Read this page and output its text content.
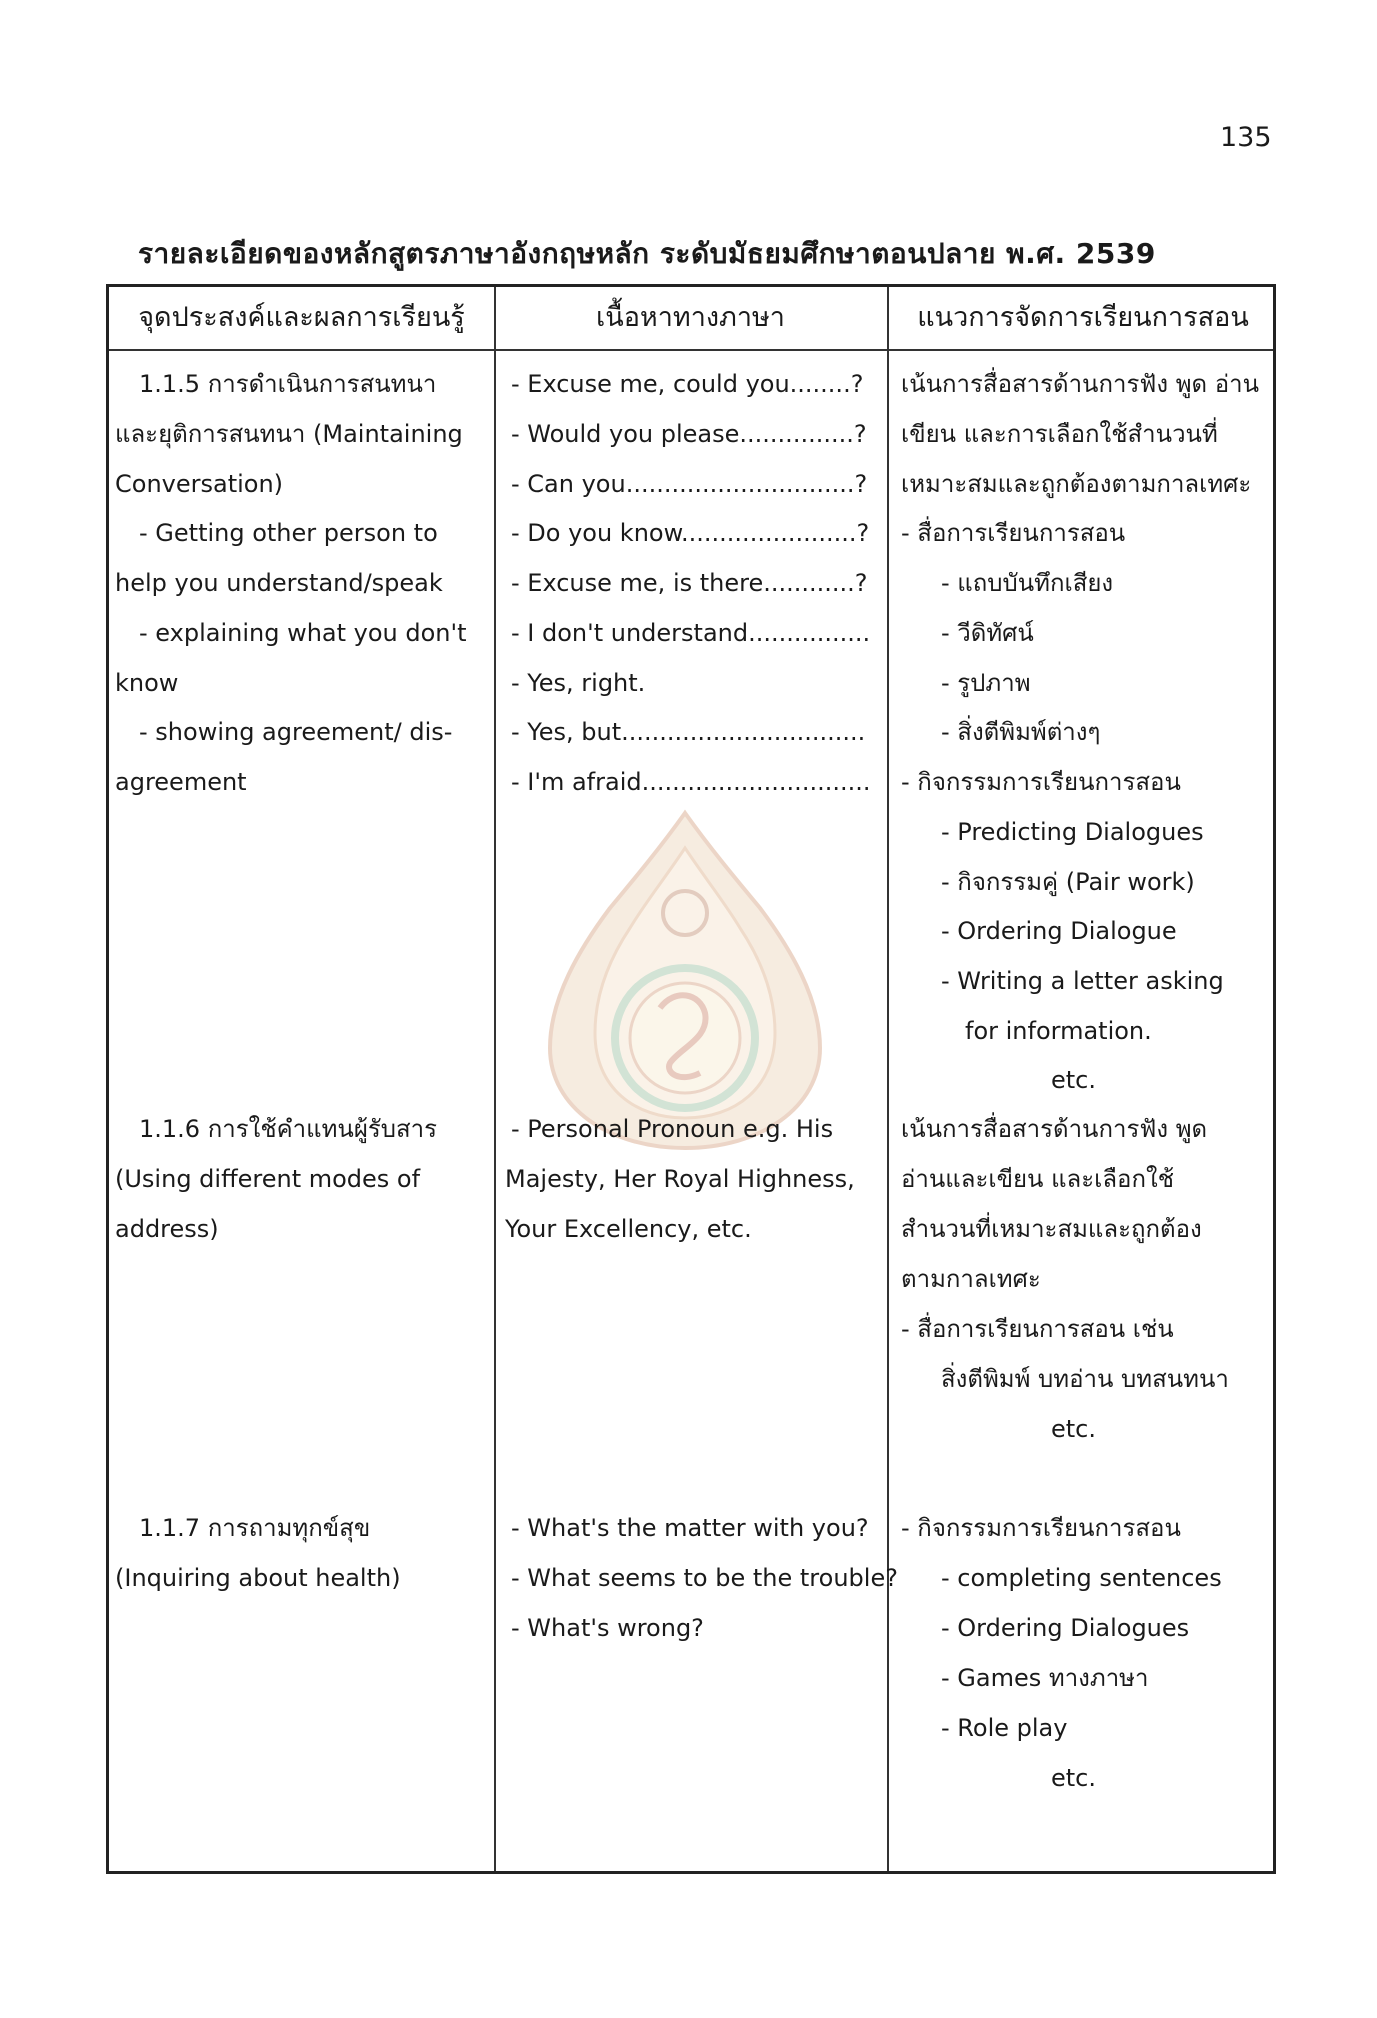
135
รายละเอียดของหลักสูตรภาษาอังกฤษหลัก ระดับมัธยมศึกษาตอนปลาย พ.ศ. 2539
จุดประสงค์และผลการเรียนรู้	เนื้อหาทางภาษา	แนวการจัดการเรียนการสอน
1.1.5 การดำเนินการสนทนา
และยุติการสนทนา (Maintaining
Conversation)
- Getting other person to
help you understand/speak
- explaining what you don't
know
- showing agreement/ dis-
agreement
1.1.6 การใช้คำแทนผู้รับสาร
(Using different modes of
address)
1.1.7 การถามทุกข์สุข
(Inquiring about health)
- Excuse me, could you........?
- Would you please...............?
- Can you..............................?
- Do you know.......................?
- Excuse me, is there............?
- I don't understand................
- Yes, right.
- Yes, but................................
- I'm afraid..............................
- Personal Pronoun e.g. His
Majesty, Her Royal Highness,
Your Excellency, etc.
- What's the matter with you?
- What seems to be the trouble?
- What's wrong?
เน้นการสื่อสารด้านการฟัง พูด อ่าน
เขียน และการเลือกใช้สำนวนที่
เหมาะสมและถูกต้องตามกาลเทศะ
- สื่อการเรียนการสอน
- แถบบันทึกเสียง
- วีดิทัศน์
- รูปภาพ
- สิ่งตีพิมพ์ต่างๆ
- กิจกรรมการเรียนการสอน
- Predicting Dialogues
- กิจกรรมคู่ (Pair work)
- Ordering Dialogue
- Writing a letter asking
for information.
etc.
เน้นการสื่อสารด้านการฟัง พูด
อ่านและเขียน และเลือกใช้
สำนวนที่เหมาะสมและถูกต้อง
ตามกาลเทศะ
- สื่อการเรียนการสอน เช่น
สิ่งตีพิมพ์ บทอ่าน บทสนทนา
etc.
- กิจกรรมการเรียนการสอน
- completing sentences
- Ordering Dialogues
- Games ทางภาษา
- Role play
etc.
